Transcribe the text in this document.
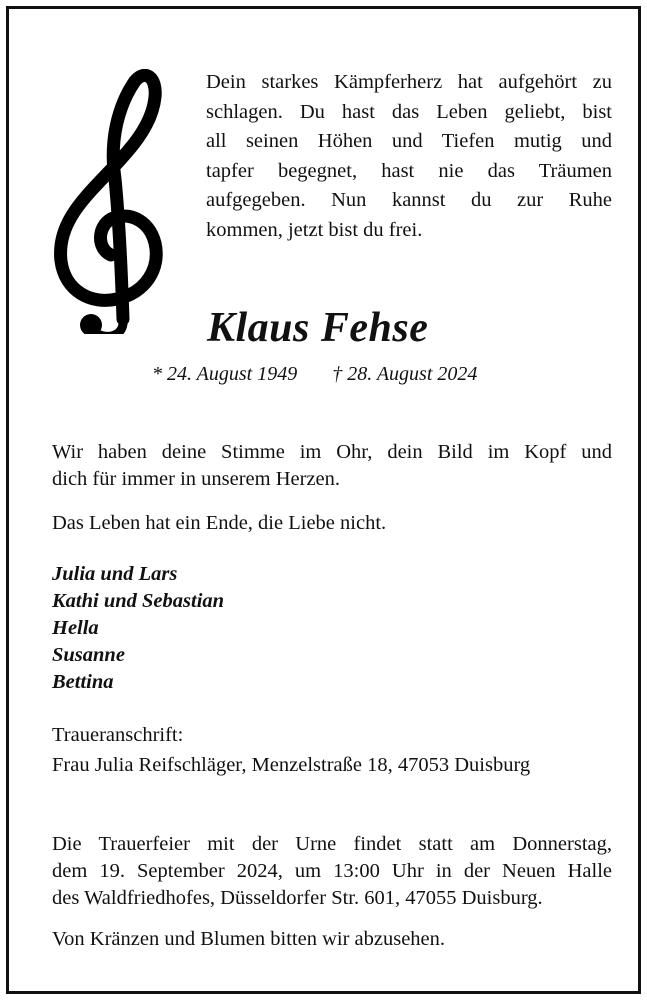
Dein starkes Kämpferherz hat aufgehört zu
schlagen. Du hast das Leben geliebt, bist
all seinen Höhen und Tiefen mutig und
tapfer begegnet, hast nie das Träumen
aufgegeben. Nun kannst du zur Ruhe
kommen, jetzt bist du frei.
Klaus Fehse
* 24. August 1949 † 28. August 2024
Wir haben deine Stimme im Ohr, dein Bild im Kopf und
dich für immer in unserem Herzen.
Das Leben hat ein Ende, die Liebe nicht.
Julia und Lars
Kathi und Sebastian
Hella
Susanne
Bettina
Traueranschrift:
Frau Julia Reifschläger, Menzelstraße 18, 47053 Duisburg
Die Trauerfeier mit der Urne findet statt am Donnerstag,
dem 19. September 2024, um 13:00 Uhr in der Neuen Halle
des Waldfriedhofes, Düsseldorfer Str. 601, 47055 Duisburg.
Von Kränzen und Blumen bitten wir abzusehen.
